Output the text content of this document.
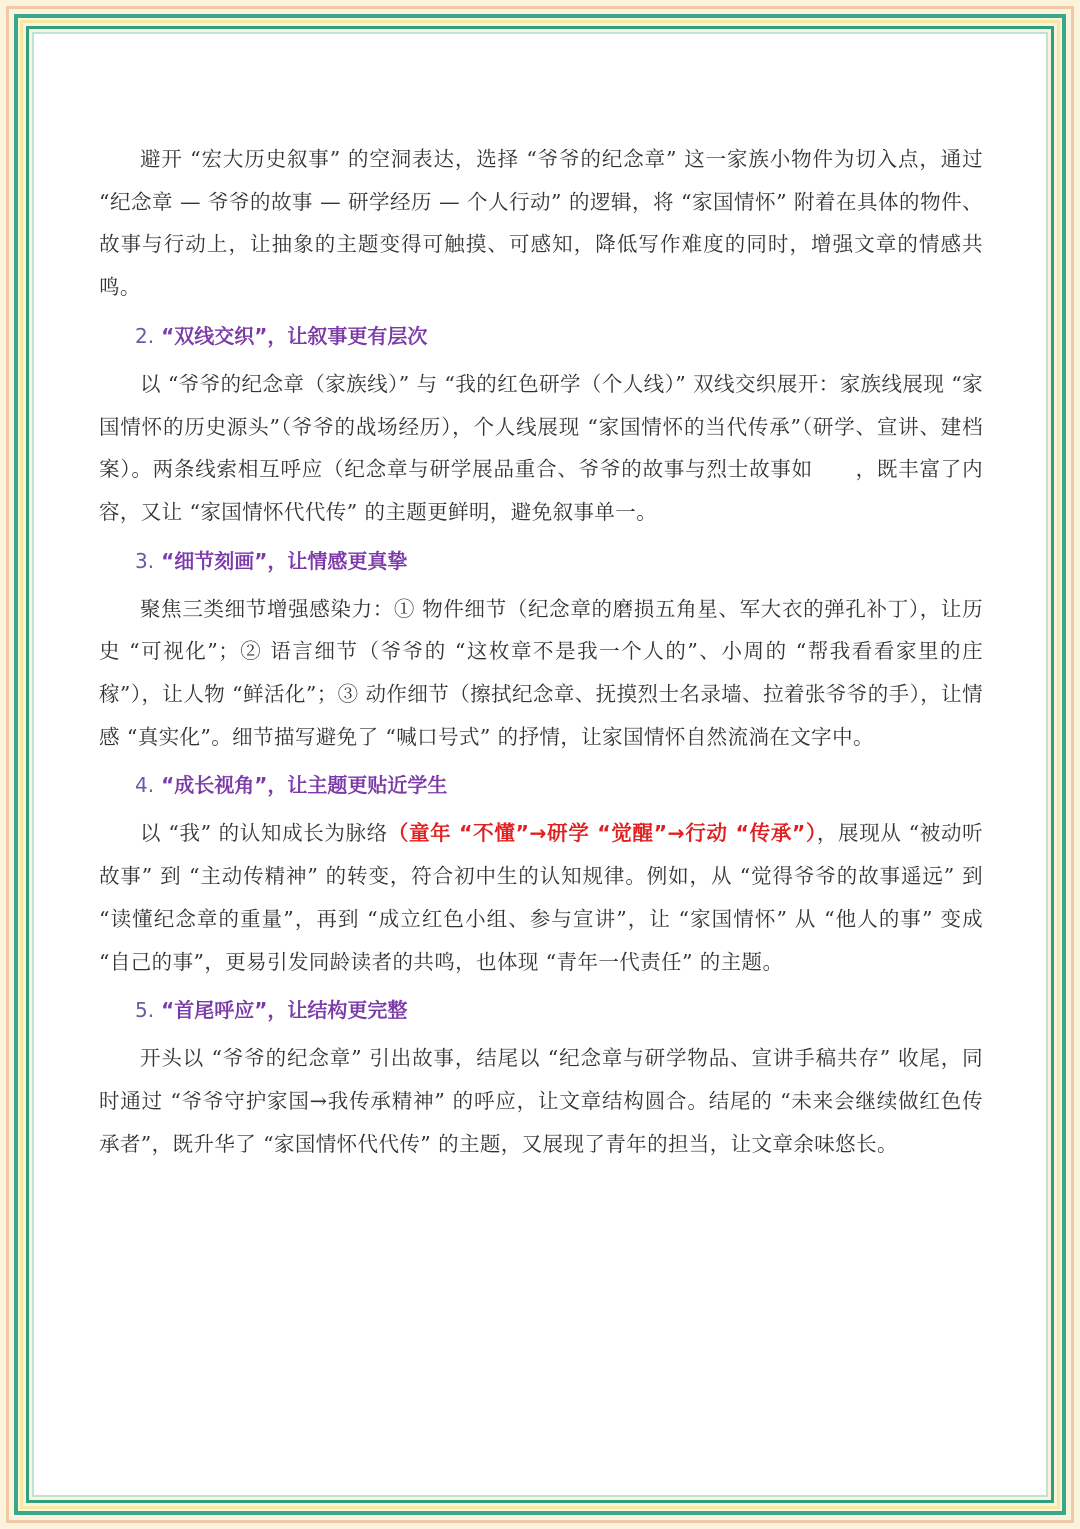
避开 “宏大历史叙事” 的空洞表达，选择 “爷爷的纪念章” 这一家族小物件为切入点，通过 “纪念章 — 爷爷的故事 — 研学经历 — 个人行动” 的逻辑，将 “家国情怀” 附着在具体的物件、故事与行动上，让抽象的主题变得可触摸、可感知，降低写作难度的同时，增强文章的情感共鸣。

2. “双线交织”，让叙事更有层次

以 “爷爷的纪念章（家族线）” 与 “我的红色研学（个人线）” 双线交织展开：家族线展现 “家国情怀的历史源头”（爷爷的战场经历），个人线展现 “家国情怀的当代传承”（研学、宣讲、建档案）。两条线索相互呼应（纪念章与研学展品重合、爷爷的故事与烈士故事如　　，既丰富了内容，又让 “家国情怀代代传” 的主题更鲜明，避免叙事单一。

3. “细节刻画”，让情感更真挚

聚焦三类细节增强感染力：① 物件细节（纪念章的磨损五角星、军大衣的弹孔补丁），让历史 “可视化”；② 语言细节（爷爷的 “这枚章不是我一个人的”、小周的 “帮我看看家里的庄稼”），让人物 “鲜活化”；③ 动作细节（擦拭纪念章、抚摸烈士名录墙、拉着张爷爷的手），让情感 “真实化”。细节描写避免了 “喊口号式” 的抒情，让家国情怀自然流淌在文字中。

4. “成长视角”，让主题更贴近学生

以 “我” 的认知成长为脉络（童年 “不懂”→研学 “觉醒”→行动 “传承”），展现从 “被动听故事” 到 “主动传精神” 的转变，符合初中生的认知规律。例如，从 “觉得爷爷的故事遥远” 到 “读懂纪念章的重量”，再到 “成立红色小组、参与宣讲”，让 “家国情怀” 从 “他人的事” 变成 “自己的事”，更易引发同龄读者的共鸣，也体现 “青年一代责任” 的主题。

5. “首尾呼应”，让结构更完整

开头以 “爷爷的纪念章” 引出故事，结尾以 “纪念章与研学物品、宣讲手稿共存” 收尾，同时通过 “爷爷守护家国→我传承精神” 的呼应，让文章结构圆合。结尾的 “未来会继续做红色传承者”，既升华了 “家国情怀代代传” 的主题，又展现了青年的担当，让文章余味悠长。
